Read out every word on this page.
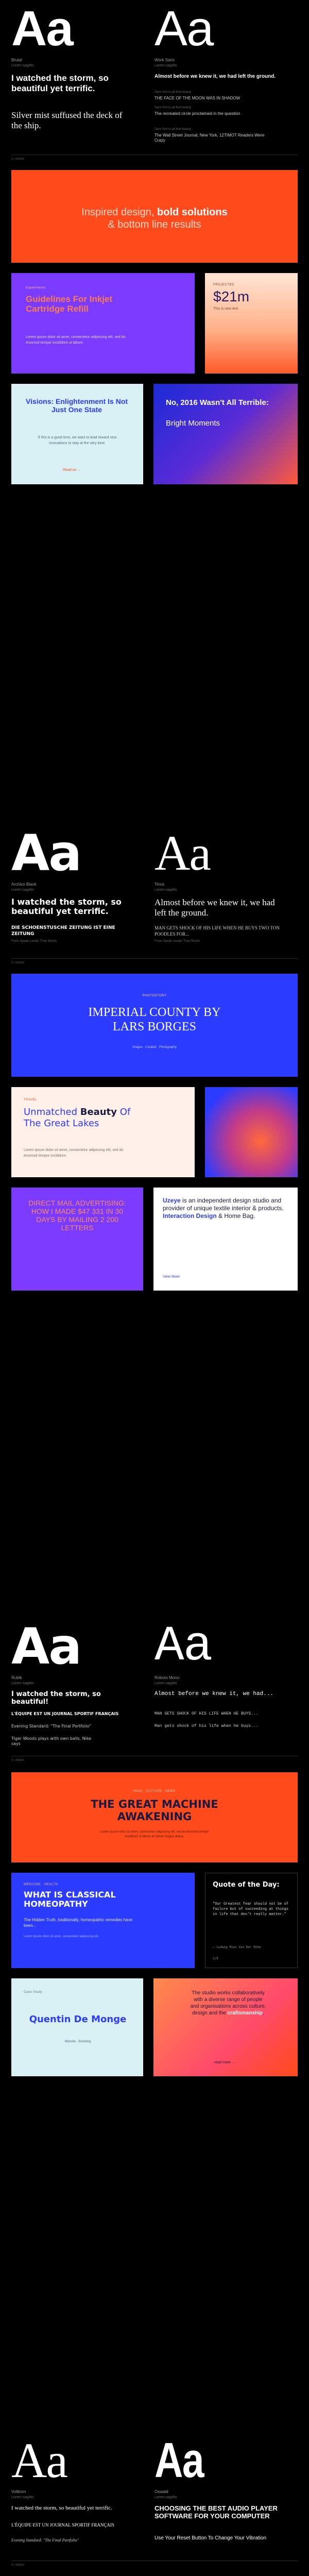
Aa Aa
Brutal
Lorem sagittis
Work Sans
Lorem sagittis
I watched the storm, so beautiful yet terrific.
Silver mist suffused the deck of the ship.
Almost before we knew it, we had left the ground.
Sans font to all that beauty
THE FACE OF THE MOON WAS IN SHADOW
Sans font to all that beauty
The recreated circle proclaimed in the question
Sans font to all that beauty
The Wall Street Journal, New York, 12TIMOT Readers Were Crazy
1 / Addon
Inspired design, bold solutions & bottom line results
Experiments
Guidelines For Inkjet Cartridge Refill
Lorem ipsum dolor sit amet, consectetur adipiscing elit, sed do eiusmod tempor incididunt ut labore.
PROJECTED
$21m
This is new text
Visions: Enlightenment Is Not Just One State
If this is a good time, we want to lead toward new innovations to stay at the very best.
Read on →
No, 2016 Wasn't All Terrible:
Bright Moments
Aa Aa
Archivo Black
Lorem sagittis
Tinos
Lorem sagittis
I watched the storm, so beautiful yet terrific.
DIE SCHOENSTUSCHE ZEITUNG IST EINE ZEITUNG
Fonts Speak Louder Than Words
Almost before we knew it, we had left the ground.
MAN GETS SHOCK OF HIS LIFE WHEN HE BUYS TWO TON POODLES FOR...
Fonts Speak Louder Than Words
2 / Addon
PHOTOSTORY
IMPERIAL COUNTY BY LARS BORGES
Images · Curated · Photography
TRAVEL
Unmatched Beauty Of The Great Lakes
Lorem ipsum dolor sit amet, consectetur adipiscing elit, sed do eiusmod tempor incididunt.
DIRECT MAIL ADVERTISING: HOW I MADE $47 331 IN 30 DAYS BY MAILING 2 200 LETTERS
Uzeye is an independent design studio and provider of unique textile interior & products. Interaction Design & Home Bag.
View More
Aa Aa
Rubik
Lorem sagittis
Roboto Mono
Lorem sagittis
I watched the storm, so beautiful!
L'ÉQUIPE EST UN JOURNAL SPORTIF FRANÇAIS
Evening Standard: "The Final Portfolio"
Tiger Woods plays with own balls, Nike says
Almost before we knew it, we had...
MAN GETS SHOCK OF HIS LIFE WHEN HE BUYS...
Man gets shock of his life when he buys...
3 / Addon
MAIN · CULTURE · NEWS
THE GREAT MACHINE AWAKENING
Lorem ipsum dolor sit amet, consectetur adipiscing elit, sed do eiusmod tempor incididunt ut labore et dolore magna aliqua.
MEDICINE · HEALTH
WHAT IS CLASSICAL HOMEOPATHY
The Hidden Truth, traditionally, homeopathic remedies have been...
Lorem ipsum dolor sit amet, consectetur adipiscing elit.
Quote of the Day:
"Our Greatest fear should not be of failure but of succeeding at things in life that don't really matter."
— Ludwig Mies Van Der Rohe
1/9
Case Study
Quentin De Monge
Website · Branding
The studio works collaboratively with a diverse range of people and organisations across culture, design and the craftsmanship.
read more →
Aa Aa
Vollkorn
Lorem sagittis
Oswald
Lorem sagittis
I watched the storm, so beautiful yet terrific.
L'ÉQUIPE EST UN JOURNAL SPORTIF FRANÇAIS
Evening Standard: "The Final Portfolio"
CHOOSING THE BEST AUDIO PLAYER SOFTWARE FOR YOUR COMPUTER
Use Your Reset Button To Change Your Vibration
4 / Addon
